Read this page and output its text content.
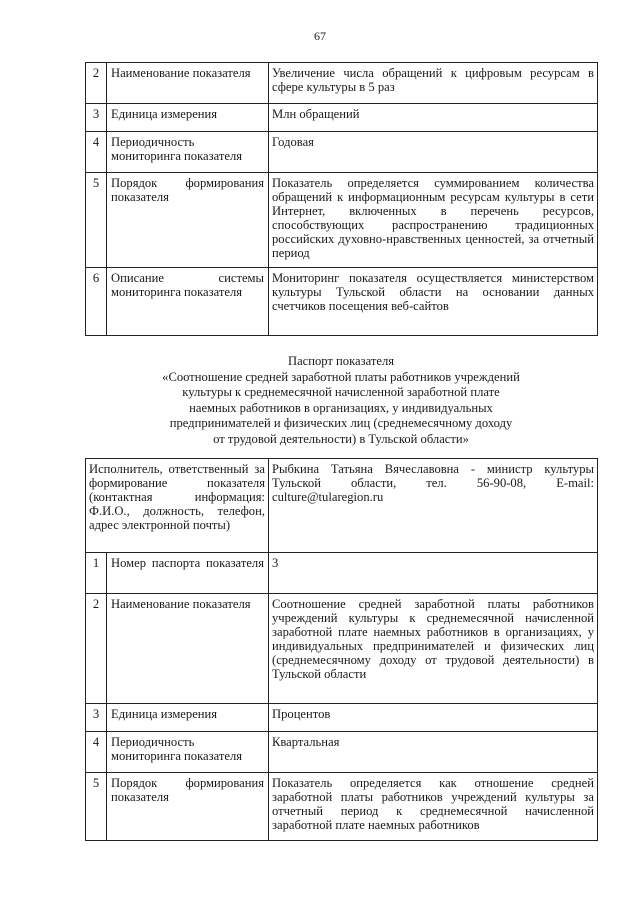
67
2	Наименование показателя	Увеличение числа обращений к цифровым ресурсам в сфере культуры в 5 раз
3	Единица измерения	Млн обращений
4	Периодичность мониторинга показателя	Годовая
5	Порядок формирования показателя	Показатель определяется суммированием количества обращений к информационным ресурсам культуры в сети Интернет, включенных в перечень ресурсов, способствующих распространению традиционных российских духовно-нравственных ценностей, за отчетный период
6	Описание системы мониторинга показателя	Мониторинг показателя осуществляется министерством культуры Тульской области на основании данных счетчиков посещения веб-сайтов
Паспорт показателя
«Соотношение средней заработной платы работников учреждений
культуры к среднемесячной начисленной заработной плате
наемных работников в организациях, у индивидуальных
предпринимателей и физических лиц (среднемесячному доходу
от трудовой деятельности) в Тульской области»
Исполнитель, ответственный за формирование показателя (контактная информация: Ф.И.О., должность, телефон, адрес электронной почты)		Рыбкина Татьяна Вячеславовна - министр культуры Тульской области, тел. 56-90-08, E-mail: culture@tularegion.ru
1	Номер паспорта показателя	3
2	Наименование показателя	Соотношение средней заработной платы работников учреждений культуры к среднемесячной начисленной заработной плате наемных работников в организациях, у индивидуальных предпринимателей и физических лиц (среднемесячному доходу от трудовой деятельности) в Тульской области
3	Единица измерения	Процентов
4	Периодичность мониторинга показателя	Квартальная
5	Порядок формирования показателя	Показатель определяется как отношение средней заработной платы работников учреждений культуры за отчетный период к среднемесячной начисленной заработной плате наемных работников
